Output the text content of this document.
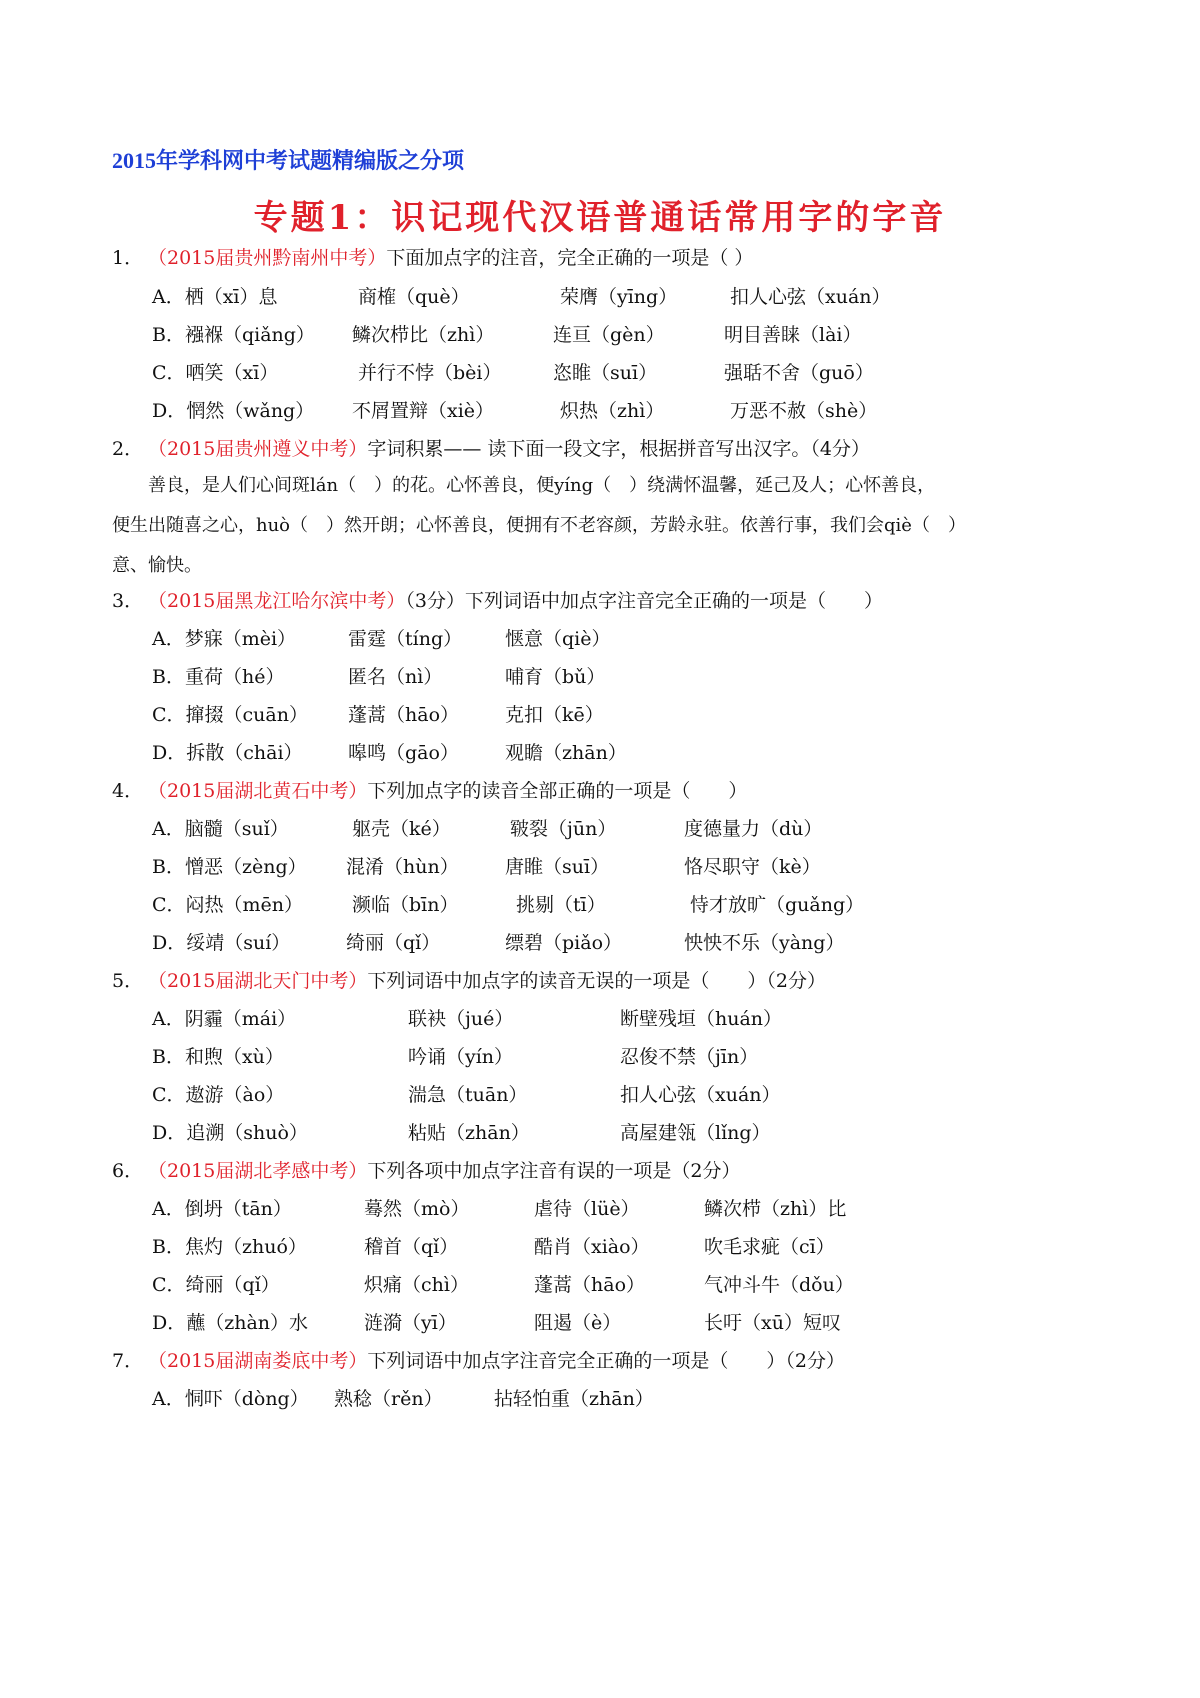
2015年学科网中考试题精编版之分项
专题1：识记现代汉语普通话常用字的字音
1． （2015届贵州黔南州中考）下面加点字的注音，完全正确的一项是（ ）
A．栖（xī）息	商榷（què）	荣膺（yīng）	扣人心弦（xuán）
B．襁褓（qiǎng） 鳞次栉比（zhì）	连亘（gèn）	明目善睐（lài）
C．哂笑（xī）	并行不悖（bèi）	恣睢（suī）	强聒不舍（guō）
D．惘然（wǎng） 不屑置辩（xiè）	炽热（zhì）	万恶不赦（shè）
2． （2015届贵州遵义中考）字词积累—— 读下面一段文字，根据拼音写出汉字。（4分）

善良，是人们心间斑lán（　）的花。心怀善良，便yíng（　）绕满怀温馨，延己及人；心怀善良，

便生出随喜之心，huò（　）然开朗；心怀善良，便拥有不老容颜，芳龄永驻。依善行事，我们会qiè（　）

意、愉快。

3． （2015届黑龙江哈尔滨中考）（3分）下列词语中加点字注音完全正确的一项是（　　）
A．梦寐（mèi）	雷霆（tíng） 惬意（qiè）
B．重荷（hé）	匿名（nì）	哺育（bǔ）
C．撺掇（cuān） 蓬蒿（hāo） 克扣（kē）
D．拆散（chāi） 嗥鸣（gāo） 观瞻（zhān）
4． （2015届湖北黄石中考）下列加点字的读音全部正确的一项是（　　）
A．脑髓（suǐ）	躯壳（ké）	皲裂（jūn）	度德量力（dù）
B．憎恶（zèng） 混淆（hùn） 唐睢（suī）	恪尽职守（kè）
C．闷热（mēn）	濒临（bīn）	挑剔（tī）	恃才放旷（guǎng）
D．绥靖（suí）	绮丽（qǐ）	缥碧（piǎo）	怏怏不乐（yàng）
5． （2015届湖北天门中考）下列词语中加点字的读音无误的一项是（　　）（2分）
A．阴霾（mái）	联袂（jué）	断壁残垣（huán）
B．和煦（xù）	吟诵（yín）	忍俊不禁（jīn）
C．遨游（ào）	湍急（tuān）	扣人心弦（xuán）
D．追溯（shuò）	粘贴（zhān）	高屋建瓴（lǐng）
6． （2015届湖北孝感中考）下列各项中加点字注音有误的一项是（2分）
A．倒坍（tān）	蓦然（mò）	虐待（lüè）	鳞次栉（zhì）比
B．焦灼（zhuó）	稽首（qǐ）	酷肖（xiào）	吹毛求疵（cī）
C．绮丽（qǐ）	炽痛（chì）	蓬蒿（hāo）	气冲斗牛（dǒu）
D．蘸（zhàn）水	涟漪（yī）	阻遏（è）	长吁（xū）短叹
7． （2015届湖南娄底中考）下列词语中加点字注音完全正确的一项是（　　）（2分）
A．恫吓（dòng） 熟稔（rěn）	拈轻怕重（zhān）
